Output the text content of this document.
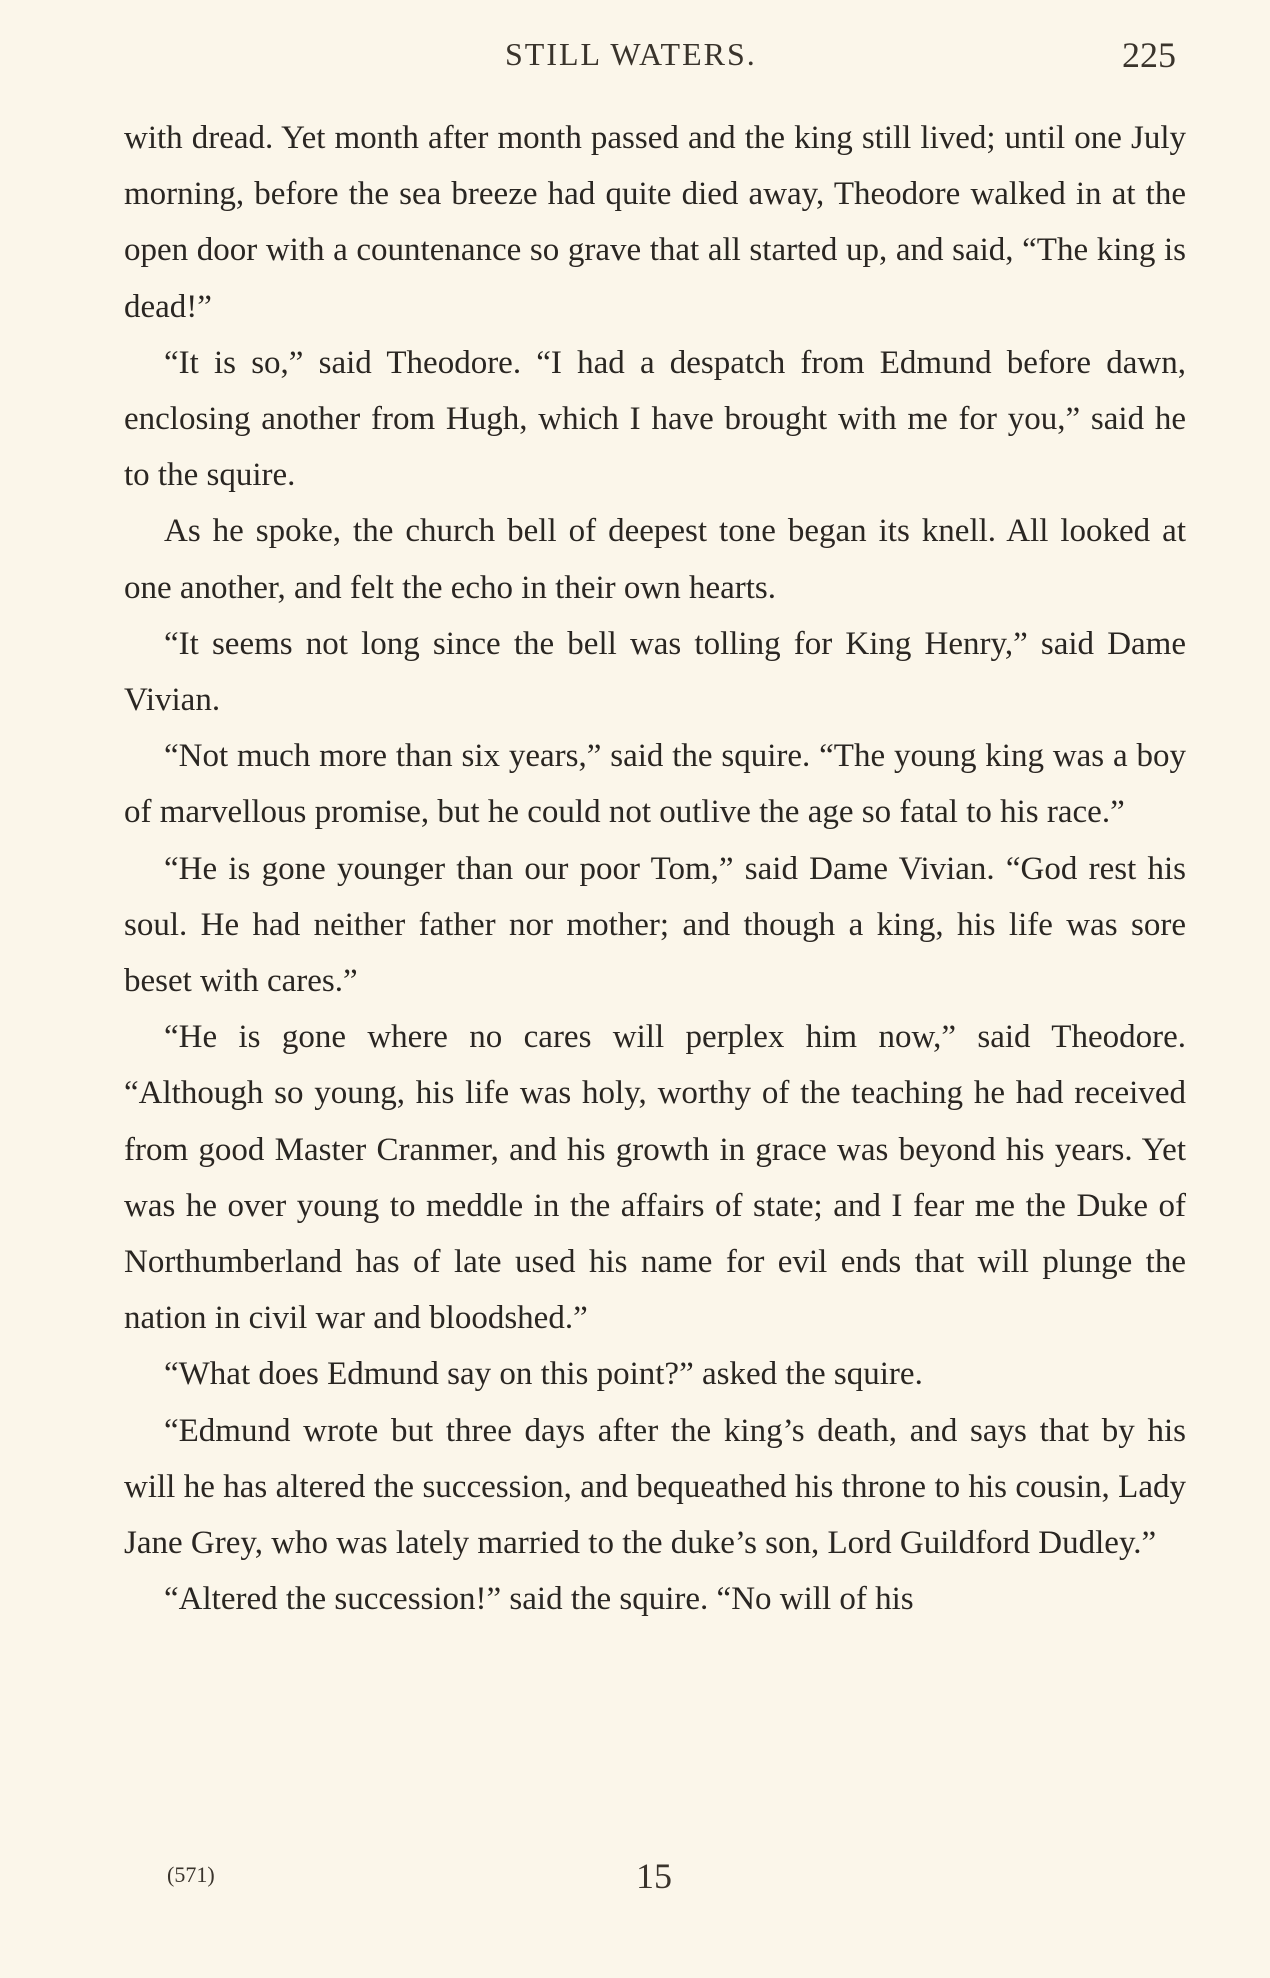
STILL WATERS.	225

with dread. Yet month after month passed and the king still lived; until one July morning, before the sea breeze had quite died away, Theodore walked in at the open door with a countenance so grave that all started up, and said, “The king is dead!”

“It is so,” said Theodore. “I had a despatch from Edmund before dawn, enclosing another from Hugh, which I have brought with me for you,” said he to the squire.

As he spoke, the church bell of deepest tone began its knell. All looked at one another, and felt the echo in their own hearts.

“It seems not long since the bell was tolling for King Henry,” said Dame Vivian.

“Not much more than six years,” said the squire. “The young king was a boy of marvellous promise, but he could not outlive the age so fatal to his race.”

“He is gone younger than our poor Tom,” said Dame Vivian. “God rest his soul. He had neither father nor mother; and though a king, his life was sore beset with cares.”

“He is gone where no cares will perplex him now,” said Theodore. “Although so young, his life was holy, worthy of the teaching he had received from good Master Cranmer, and his growth in grace was beyond his years. Yet was he over young to meddle in the affairs of state; and I fear me the Duke of Northumberland has of late used his name for evil ends that will plunge the nation in civil war and bloodshed.”

“What does Edmund say on this point?” asked the squire.

“Edmund wrote but three days after the king’s death, and says that by his will he has altered the succession, and bequeathed his throne to his cousin, Lady Jane Grey, who was lately married to the duke’s son, Lord Guildford Dudley.”

“Altered the succession!” said the squire. “No will of his

(571)	15
